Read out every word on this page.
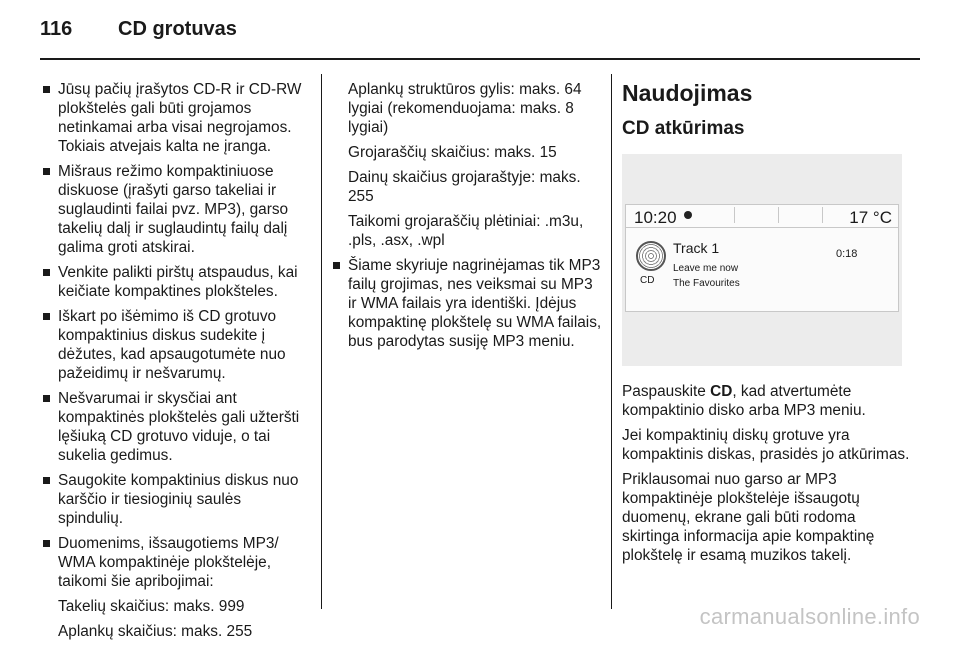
116 CD grotuvas
Jūsų pačių įrašytos CD-R ir CD-RW plokštelės gali būti grojamos netinkamai arba visai negrojamos. Tokiais atvejais kalta ne įranga.
Mišraus režimo kompaktiniuose diskuose (įrašyti garso takeliai ir suglaudinti failai pvz. MP3), garso takelių dalį ir suglaudintų failų dalį galima groti atskirai.
Venkite palikti pirštų atspaudus, kai keičiate kompaktines plokšteles.
Iškart po išėmimo iš CD grotuvo kompaktinius diskus sudekite į dėžutes, kad apsaugotumėte nuo pažeidimų ir nešvarumų.
Nešvarumai ir skysčiai ant kompaktinės plokštelės gali užteršti lęšiuką CD grotuvo viduje, o tai sukelia gedimus.
Saugokite kompaktinius diskus nuo karščio ir tiesioginių saulės spindulių.
Duomenims, išsaugotiems MP3/ WMA kompaktinėje plokštelėje, taikomi šie apribojimai:
Takelių skaičius: maks. 999
Aplankų skaičius: maks. 255
Aplankų struktūros gylis: maks. 64 lygiai (rekomenduojama: maks. 8 lygiai)
Grojaraščių skaičius: maks. 15
Dainų skaičius grojaraštyje: maks. 255
Taikomi grojaraščių plėtiniai: .m3u, .pls, .asx, .wpl
Šiame skyriuje nagrinėjamas tik MP3 failų grojimas, nes veiksmai su MP3 ir WMA failais yra identiški. Įdėjus kompaktinę plokštelę su WMA failais, bus parodytas susiję MP3 meniu.
Naudojimas
CD atkūrimas
10:20	17 °C
CD
Track 1	0:18
Leave me now
The Favourites
Paspauskite CD, kad atvertumėte kompaktinio disko arba MP3 meniu.
Jei kompaktinių diskų grotuve yra kompaktinis diskas, prasidės jo atkūrimas.
Priklausomai nuo garso ar MP3 kompaktinėje plokštelėje išsaugotų duomenų, ekrane gali būti rodoma skirtinga informacija apie kompaktinę plokštelę ir esamą muzikos takelį.
carmanualsonline.info
